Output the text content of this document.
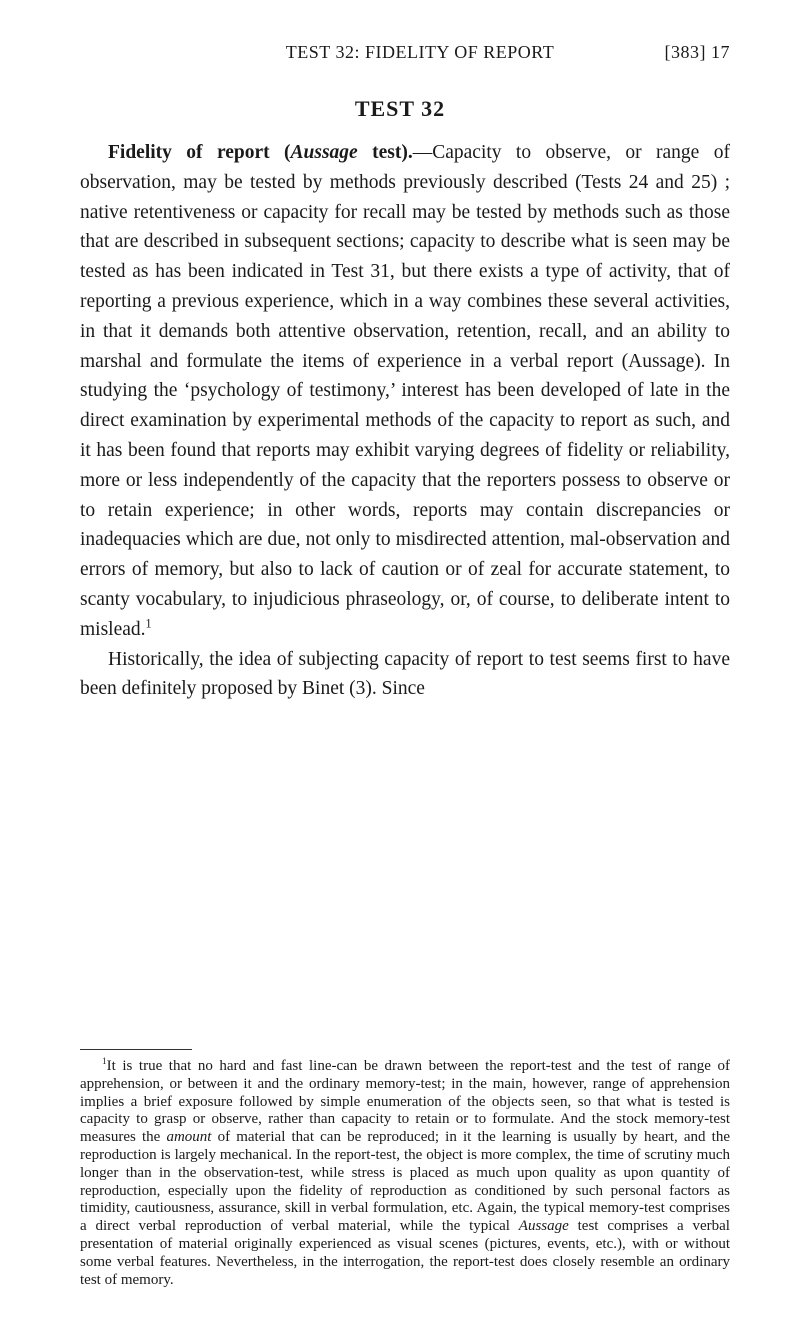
TEST 32: FIDELITY OF REPORT	[383] 17
TEST 32

Fidelity of report (Aussage test).—Capacity to observe, or range of observation, may be tested by methods previously described (Tests 24 and 25) ; native retentiveness or capacity for recall may be tested by methods such as those that are described in subsequent sections; capacity to describe what is seen may be tested as has been indicated in Test 31, but there exists a type of activity, that of reporting a previous experience, which in a way combines these several activities, in that it demands both attentive observation, retention, recall, and an ability to marshal and formulate the items of experience in a verbal report (Aussage). In studying the ‘psychology of testimony,’ interest has been developed of late in the direct examination by experimental methods of the capacity to report as such, and it has been found that reports may exhibit varying degrees of fidelity or reliability, more or less independently of the capacity that the reporters possess to observe or to retain experience; in other words, reports may contain discrepancies or inadequacies which are due, not only to misdirected attention, mal-observation and errors of memory, but also to lack of caution or of zeal for accurate statement, to scanty vocabulary, to injudicious phraseology, or, of course, to deliberate intent to mislead.$^1$

Historically, the idea of subjecting capacity of report to test seems first to have been definitely proposed by Binet (3). Since

$^1$It is true that no hard and fast line-can be drawn between the report-test and the test of range of apprehension, or between it and the ordinary memory-test; in the main, however, range of apprehension implies a brief exposure followed by simple enumeration of the objects seen, so that what is tested is capacity to grasp or observe, rather than capacity to retain or to formulate. And the stock memory-test measures the amount of material that can be reproduced; in it the learning is usually by heart, and the reproduction is largely mechanical. In the report-test, the object is more complex, the time of scrutiny much longer than in the observation-test, while stress is placed as much upon quality as upon quantity of reproduction, especially upon the fidelity of reproduction as conditioned by such personal factors as timidity, cautiousness, assurance, skill in verbal formulation, etc. Again, the typical memory-test comprises a direct verbal reproduction of verbal material, while the typical Aussage test comprises a verbal presentation of material originally experienced as visual scenes (pictures, events, etc.), with or without some verbal features. Nevertheless, in the interrogation, the report-test does closely resemble an ordinary test of memory.
